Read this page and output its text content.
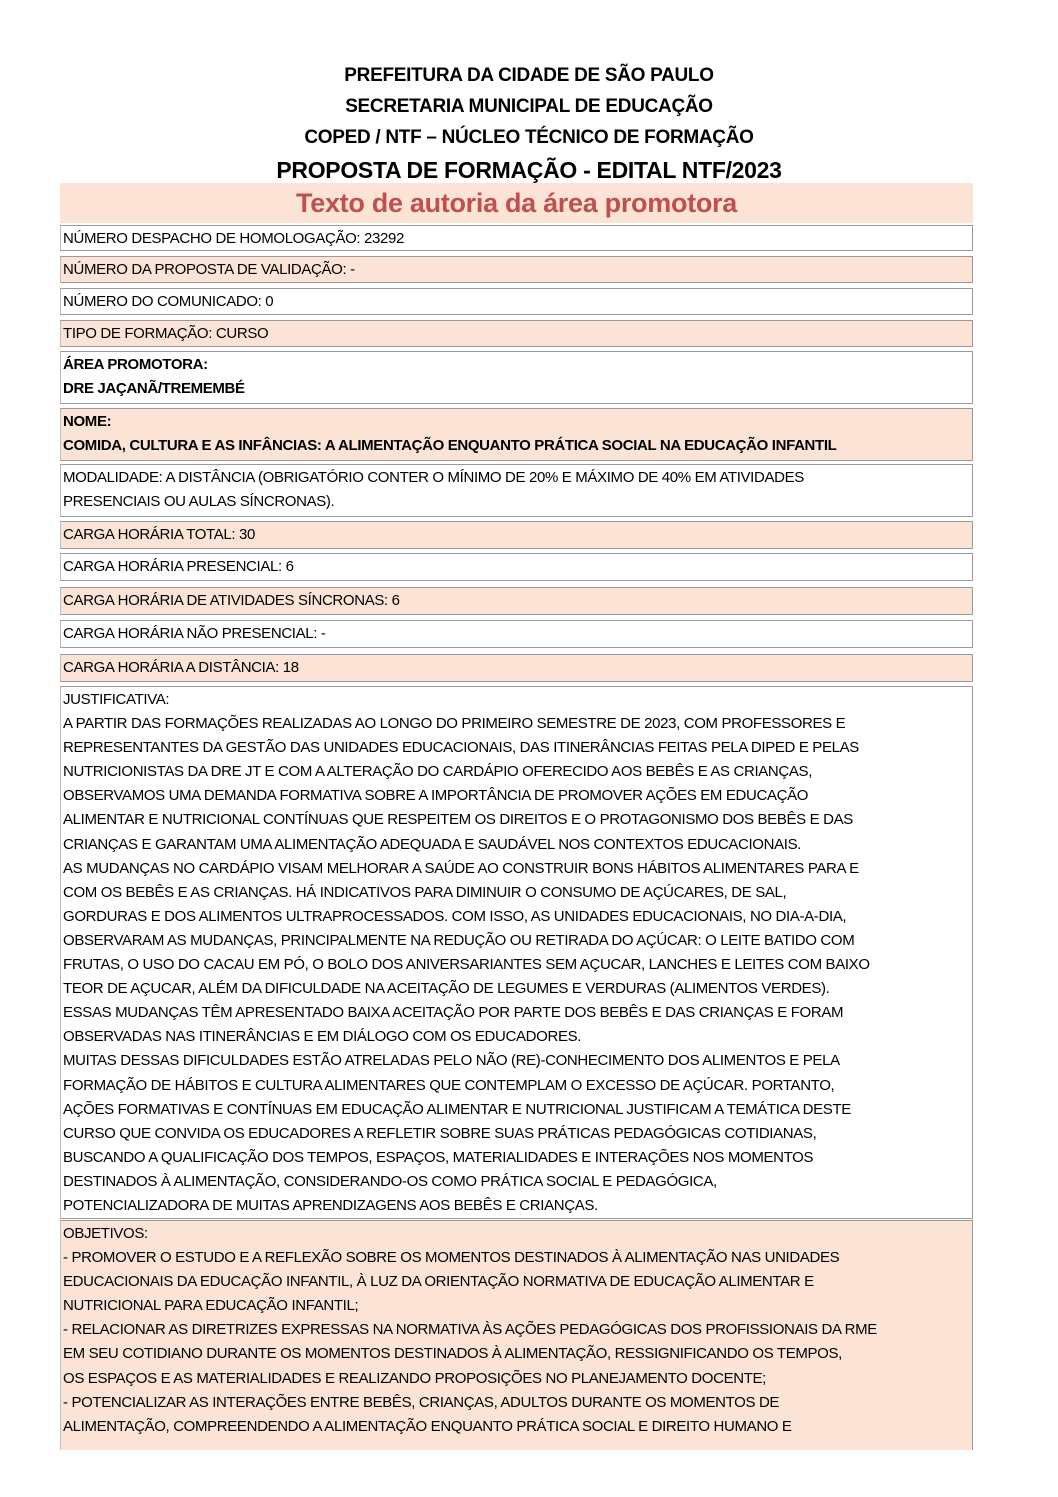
PREFEITURA DA CIDADE DE SÃO PAULO
SECRETARIA MUNICIPAL DE EDUCAÇÃO
COPED / NTF – NÚCLEO TÉCNICO DE FORMAÇÃO
PROPOSTA DE FORMAÇÃO - EDITAL NTF/2023
Texto de autoria da área promotora
NÚMERO DESPACHO DE HOMOLOGAÇÃO: 23292
NÚMERO DA PROPOSTA DE VALIDAÇÃO: -
NÚMERO DO COMUNICADO: 0
TIPO DE FORMAÇÃO: CURSO
ÁREA PROMOTORA:
DRE JAÇANÃ/TREMEMBÉ
NOME:
COMIDA, CULTURA E AS INFÂNCIAS: A ALIMENTAÇÃO ENQUANTO PRÁTICA SOCIAL NA EDUCAÇÃO INFANTIL
MODALIDADE: A DISTÂNCIA (OBRIGATÓRIO CONTER O MÍNIMO DE 20% E MÁXIMO DE 40% EM ATIVIDADES
PRESENCIAIS OU AULAS SÍNCRONAS).
CARGA HORÁRIA TOTAL: 30
CARGA HORÁRIA PRESENCIAL: 6
CARGA HORÁRIA DE ATIVIDADES SÍNCRONAS: 6
CARGA HORÁRIA NÃO PRESENCIAL: -
CARGA HORÁRIA A DISTÂNCIA: 18
JUSTIFICATIVA:
A PARTIR DAS FORMAÇÕES REALIZADAS AO LONGO DO PRIMEIRO SEMESTRE DE 2023, COM PROFESSORES E
REPRESENTANTES DA GESTÃO DAS UNIDADES EDUCACIONAIS, DAS ITINERÂNCIAS FEITAS PELA DIPED E PELAS
NUTRICIONISTAS DA DRE JT E COM A ALTERAÇÃO DO CARDÁPIO OFERECIDO AOS BEBÊS E AS CRIANÇAS,
OBSERVAMOS UMA DEMANDA FORMATIVA SOBRE A IMPORTÂNCIA DE PROMOVER AÇÕES EM EDUCAÇÃO
ALIMENTAR E NUTRICIONAL CONTÍNUAS QUE RESPEITEM OS DIREITOS E O PROTAGONISMO DOS BEBÊS E DAS
CRIANÇAS E GARANTAM UMA ALIMENTAÇÃO ADEQUADA E SAUDÁVEL NOS CONTEXTOS EDUCACIONAIS.
AS MUDANÇAS NO CARDÁPIO VISAM MELHORAR A SAÚDE AO CONSTRUIR BONS HÁBITOS ALIMENTARES PARA E
COM OS BEBÊS E AS CRIANÇAS. HÁ INDICATIVOS PARA DIMINUIR O CONSUMO DE AÇÚCARES, DE SAL,
GORDURAS E DOS ALIMENTOS ULTRAPROCESSADOS. COM ISSO, AS UNIDADES EDUCACIONAIS, NO DIA-A-DIA,
OBSERVARAM AS MUDANÇAS, PRINCIPALMENTE NA REDUÇÃO OU RETIRADA DO AÇÚCAR: O LEITE BATIDO COM
FRUTAS, O USO DO CACAU EM PÓ, O BOLO DOS ANIVERSARIANTES SEM AÇUCAR, LANCHES E LEITES COM BAIXO
TEOR DE AÇUCAR, ALÉM DA DIFICULDADE NA ACEITAÇÃO DE LEGUMES E VERDURAS (ALIMENTOS VERDES).
ESSAS MUDANÇAS TÊM APRESENTADO BAIXA ACEITAÇÃO POR PARTE DOS BEBÊS E DAS CRIANÇAS E FORAM
OBSERVADAS NAS ITINERÂNCIAS E EM DIÁLOGO COM OS EDUCADORES.
MUITAS DESSAS DIFICULDADES ESTÃO ATRELADAS PELO NÃO (RE)-CONHECIMENTO DOS ALIMENTOS E PELA
FORMAÇÃO DE HÁBITOS E CULTURA ALIMENTARES QUE CONTEMPLAM O EXCESSO DE AÇÚCAR. PORTANTO,
AÇÕES FORMATIVAS E CONTÍNUAS EM EDUCAÇÃO ALIMENTAR E NUTRICIONAL JUSTIFICAM A TEMÁTICA DESTE
CURSO QUE CONVIDA OS EDUCADORES A REFLETIR SOBRE SUAS PRÁTICAS PEDAGÓGICAS COTIDIANAS,
BUSCANDO A QUALIFICAÇÃO DOS TEMPOS, ESPAÇOS, MATERIALIDADES E INTERAÇÕES NOS MOMENTOS
DESTINADOS À ALIMENTAÇÃO, CONSIDERANDO-OS COMO PRÁTICA SOCIAL E PEDAGÓGICA,
POTENCIALIZADORA DE MUITAS APRENDIZAGENS AOS BEBÊS E CRIANÇAS.
OBJETIVOS:
- PROMOVER O ESTUDO E A REFLEXÃO SOBRE OS MOMENTOS DESTINADOS À ALIMENTAÇÃO NAS UNIDADES
EDUCACIONAIS DA EDUCAÇÃO INFANTIL, À LUZ DA ORIENTAÇÃO NORMATIVA DE EDUCAÇÃO ALIMENTAR E
NUTRICIONAL PARA EDUCAÇÃO INFANTIL;
- RELACIONAR AS DIRETRIZES EXPRESSAS NA NORMATIVA ÀS AÇÕES PEDAGÓGICAS DOS PROFISSIONAIS DA RME
EM SEU COTIDIANO DURANTE OS MOMENTOS DESTINADOS À ALIMENTAÇÃO, RESSIGNIFICANDO OS TEMPOS,
OS ESPAÇOS E AS MATERIALIDADES E REALIZANDO PROPOSIÇÕES NO PLANEJAMENTO DOCENTE;
- POTENCIALIZAR AS INTERAÇÕES ENTRE BEBÊS, CRIANÇAS, ADULTOS DURANTE OS MOMENTOS DE
ALIMENTAÇÃO, COMPREENDENDO A ALIMENTAÇÃO ENQUANTO PRÁTICA SOCIAL E DIREITO HUMANO E
